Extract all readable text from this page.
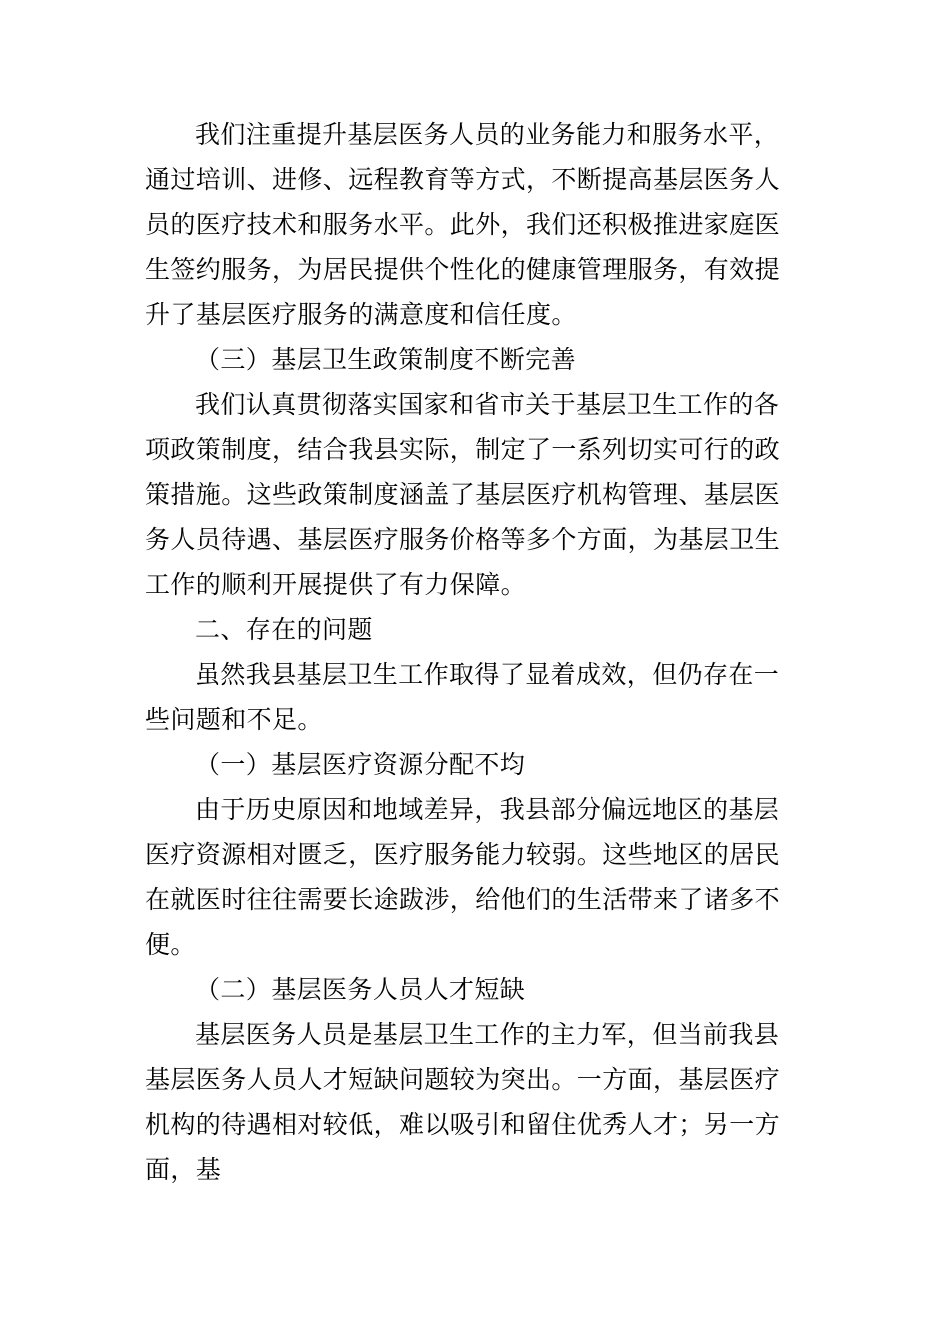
我们注重提升基层医务人员的业务能力和服务水平，
通过培训、进修、远程教育等方式，不断提高基层医务人
员的医疗技术和服务水平。此外，我们还积极推进家庭医
生签约服务，为居民提供个性化的健康管理服务，有效提
升了基层医疗服务的满意度和信任度。
（三）基层卫生政策制度不断完善
我们认真贯彻落实国家和省市关于基层卫生工作的各
项政策制度，结合我县实际，制定了一系列切实可行的政
策措施。这些政策制度涵盖了基层医疗机构管理、基层医
务人员待遇、基层医疗服务价格等多个方面，为基层卫生
工作的顺利开展提供了有力保障。
二、存在的问题
虽然我县基层卫生工作取得了显着成效，但仍存在一
些问题和不足。
（一）基层医疗资源分配不均
由于历史原因和地域差异，我县部分偏远地区的基层
医疗资源相对匮乏，医疗服务能力较弱。这些地区的居民
在就医时往往需要长途跋涉，给他们的生活带来了诸多不
便。
（二）基层医务人员人才短缺
基层医务人员是基层卫生工作的主力军，但当前我县
基层医务人员人才短缺问题较为突出。一方面，基层医疗
机构的待遇相对较低，难以吸引和留住优秀人才；另一方
面，基
